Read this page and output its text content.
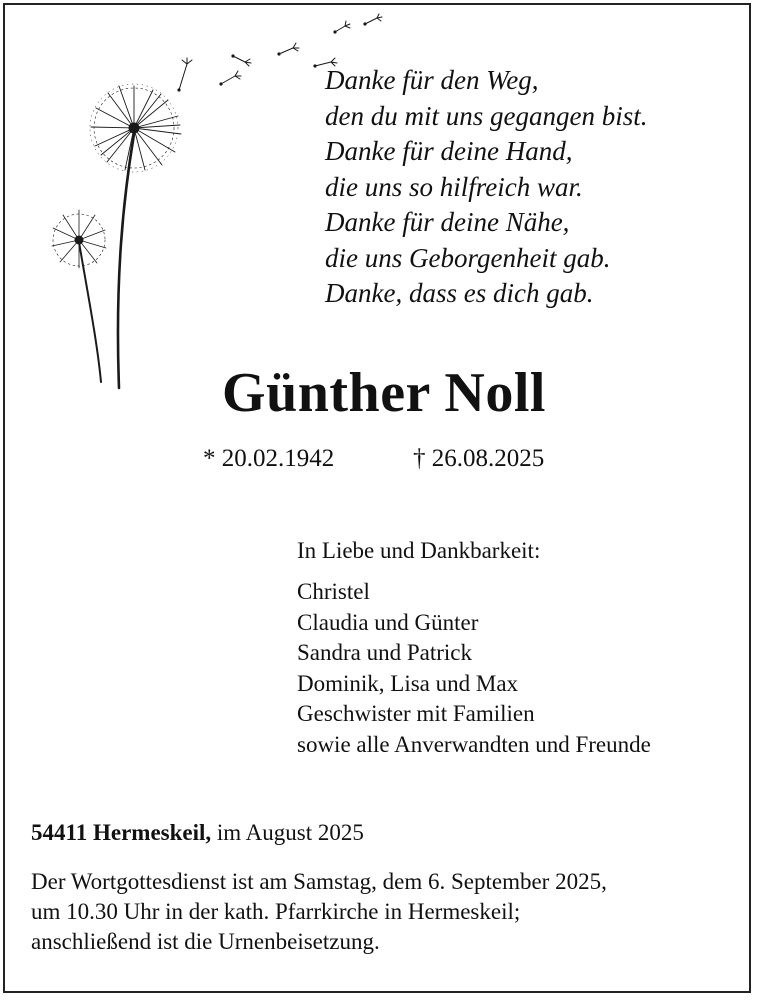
Danke für den Weg,
den du mit uns gegangen bist.
Danke für deine Hand,
die uns so hilfreich war.
Danke für deine Nähe,
die uns Geborgenheit gab.
Danke, dass es dich gab.
Günther Noll
* 20.02.1942	† 26.08.2025
In Liebe und Dankbarkeit:
Christel
Claudia und Günter
Sandra und Patrick
Dominik, Lisa und Max
Geschwister mit Familien
sowie alle Anverwandten und Freunde
54411 Hermeskeil, im August 2025
Der Wortgottesdienst ist am Samstag, dem 6. September 2025,
um 10.30 Uhr in der kath. Pfarrkirche in Hermeskeil;
anschließend ist die Urnenbeisetzung.
